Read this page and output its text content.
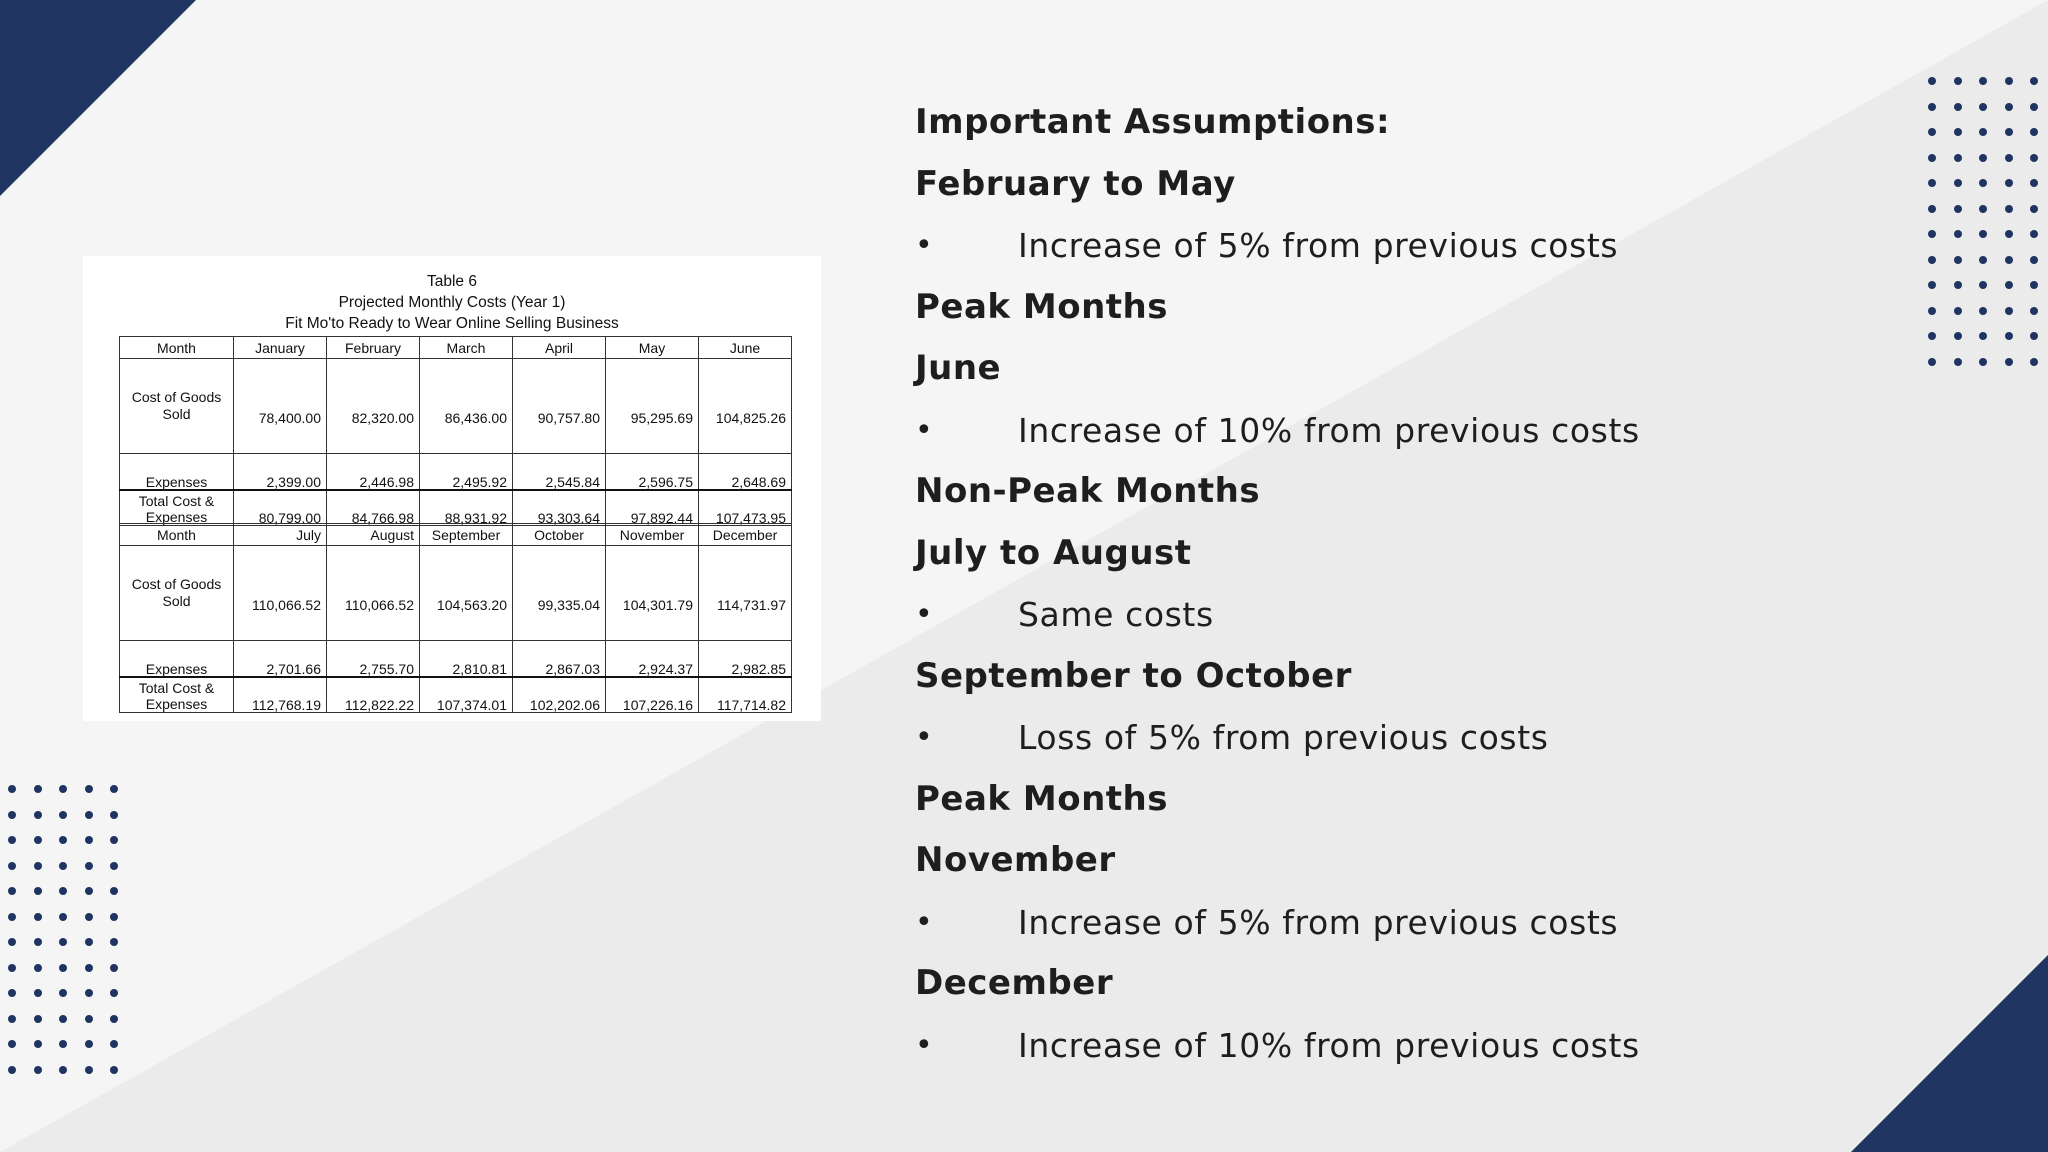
Table 6
Projected Monthly Costs (Year 1)
Fit Mo'to Ready to Wear Online Selling Business
Month	January	February	March	April	May	June
Cost of Goods Sold	78,400.00	82,320.00	86,436.00	90,757.80	95,295.69	104,825.26
Expenses	2,399.00	2,446.98	2,495.92	2,545.84	2,596.75	2,648.69
Total Cost & Expenses	80,799.00	84,766.98	88,931.92	93,303.64	97,892.44	107,473.95
Month	July	August	September	October	November	December
Cost of Goods Sold	110,066.52	110,066.52	104,563.20	99,335.04	104,301.79	114,731.97
Expenses	2,701.66	2,755.70	2,810.81	2,867.03	2,924.37	2,982.85
Total Cost & Expenses	112,768.19	112,822.22	107,374.01	102,202.06	107,226.16	117,714.82
Important Assumptions:
February to May
•	Increase of 5% from previous costs
Peak Months
June
•	Increase of 10% from previous costs
Non-Peak Months
July to August
•	Same costs
September to October
•	Loss of 5% from previous costs
Peak Months
November
•	Increase of 5% from previous costs
December
•	Increase of 10% from previous costs
